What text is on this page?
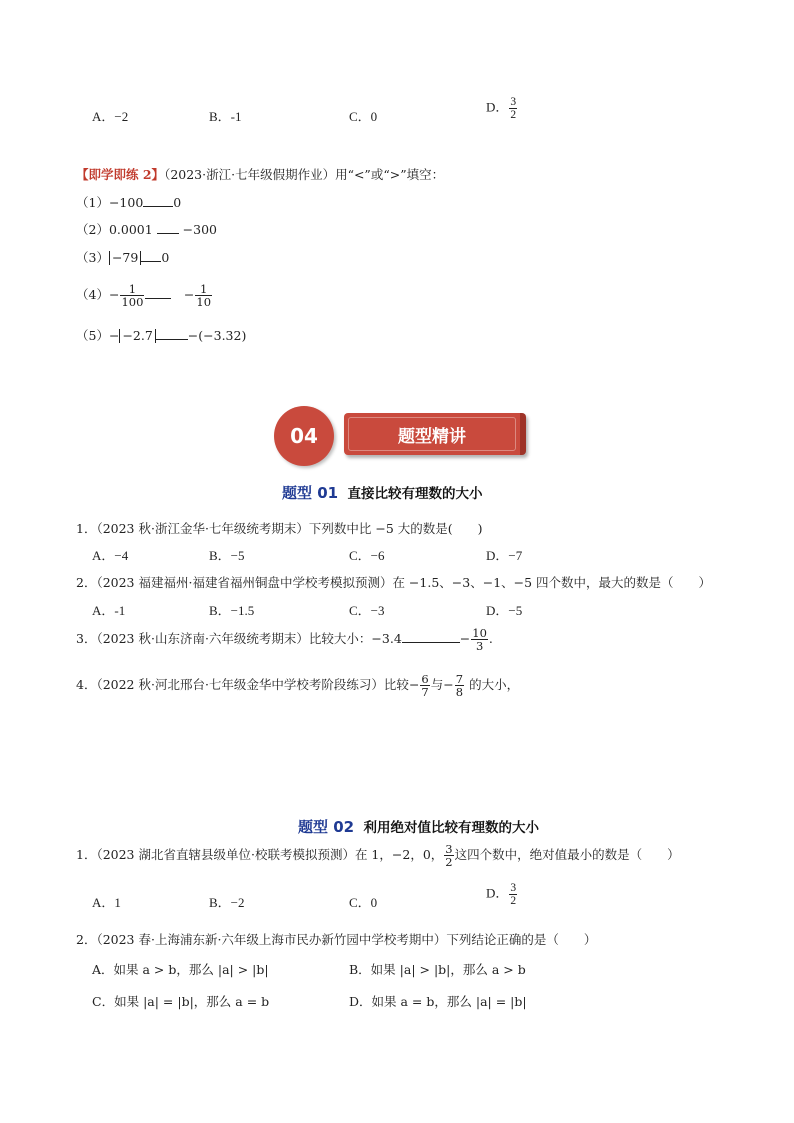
A．−2	B．-1	C．0
D． $\frac{3}{2}$
【即学即练 2】（2023·浙江·七年级假期作业）用“<”或“>”填空：
（1）−100 0
（2）0.0001 −300
（3） −79 0
$(4)- \frac{1}{100}$
　	− $\frac{1}{10}$
（5）− −2.7	−(−3.32)
04	题型精讲
题型 01 直接比较有理数的大小
1．（2023 秋·浙江金华·七年级统考期末）下列数中比 −5 大的数是(　　)
A．−4	B．−5	C．−6	D．−7
2．（2023 福建福州·福建省福州铜盘中学校考模拟预测）在 −1.5、−3、−1、−5 四个数中，最大的数是（　　）
A．-1	B．−1.5	C．−3	D．−5
3．（2023 秋·山东济南·六年级统考期末）比较大小：−3.4	− $\frac{10}{3}$ .
4．（2022 秋·河北邢台·七年级金华中学校考阶段练习）比较− $\frac{6}{7}$ 与− $\frac{7}{8}$ 的大小，
题型 02 利用绝对值比较有理数的大小
1．（2023 湖北省直辖县级单位·校联考模拟预测）在 1，−2，0， $\frac{3}{2}$ 这四个数中，绝对值最小的数是（　　）
A．1	B．−2	C．0
D． $\frac{3}{2}$
2．（2023 春·上海浦东新·六年级上海市民办新竹园中学校考期中）下列结论正确的是（　　）
A．如果 a > b，那么 |a| > |b|	B．如果 |a| > |b|，那么 a > b
C．如果 |a| = |b|，那么 a = b	D．如果 a = b，那么 |a| = |b|
